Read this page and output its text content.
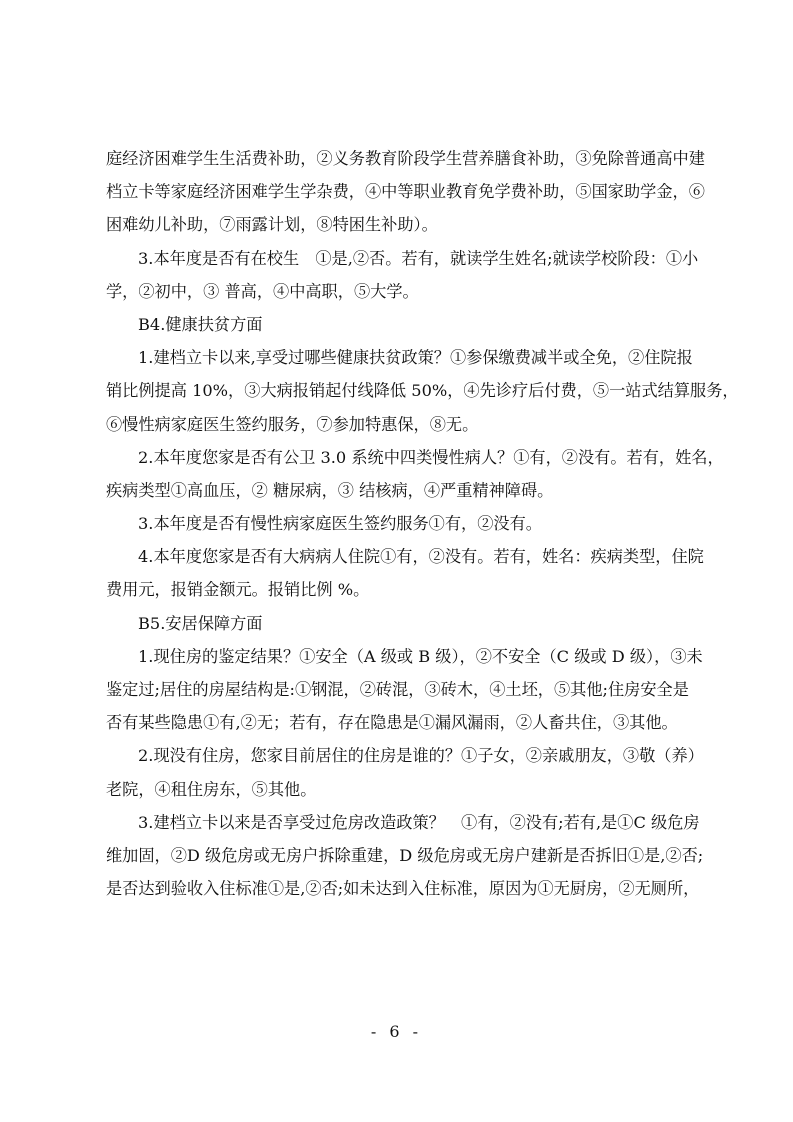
庭经济困难学生生活费补助，②义务教育阶段学生营养膳食补助，③免除普通高中建
档立卡等家庭经济困难学生学杂费，④中等职业教育免学费补助，⑤国家助学金，⑥
困难幼儿补助，⑦雨露计划，⑧特困生补助）。
3.本年度是否有在校生　①是,②否。若有，就读学生姓名;就读学校阶段：①小
学，②初中，③ 普高，④中高职，⑤大学。
B4.健康扶贫方面
1.建档立卡以来,享受过哪些健康扶贫政策？①参保缴费减半或全免，②住院报
销比例提高 10%，③大病报销起付线降低 50%，④先诊疗后付费，⑤一站式结算服务，
⑥慢性病家庭医生签约服务，⑦参加特惠保，⑧无。
2.本年度您家是否有公卫 3.0 系统中四类慢性病人？①有，②没有。若有，姓名，
疾病类型①高血压，② 糖尿病，③ 结核病，④严重精神障碍。
3.本年度是否有慢性病家庭医生签约服务①有，②没有。
4.本年度您家是否有大病病人住院①有，②没有。若有，姓名：疾病类型，住院
费用元，报销金额元。报销比例 %。
B5.安居保障方面
1.现住房的鉴定结果？①安全（A 级或 B 级），②不安全（C 级或 D 级），③未
鉴定过;居住的房屋结构是:①钢混，②砖混，③砖木，④土坯，⑤其他;住房安全是
否有某些隐患①有,②无；若有，存在隐患是①漏风漏雨，②人畜共住，③其他。
2.现没有住房，您家目前居住的住房是谁的？①子女，②亲戚朋友，③敬（养）
老院，④租住房东，⑤其他。
3.建档立卡以来是否享受过危房改造政策？　①有，②没有;若有,是①C 级危房
维加固，②D 级危房或无房户拆除重建，D 级危房或无房户建新是否拆旧①是,②否;
是否达到验收入住标准①是,②否;如未达到入住标准，原因为①无厨房，②无厕所，
- 6 -
